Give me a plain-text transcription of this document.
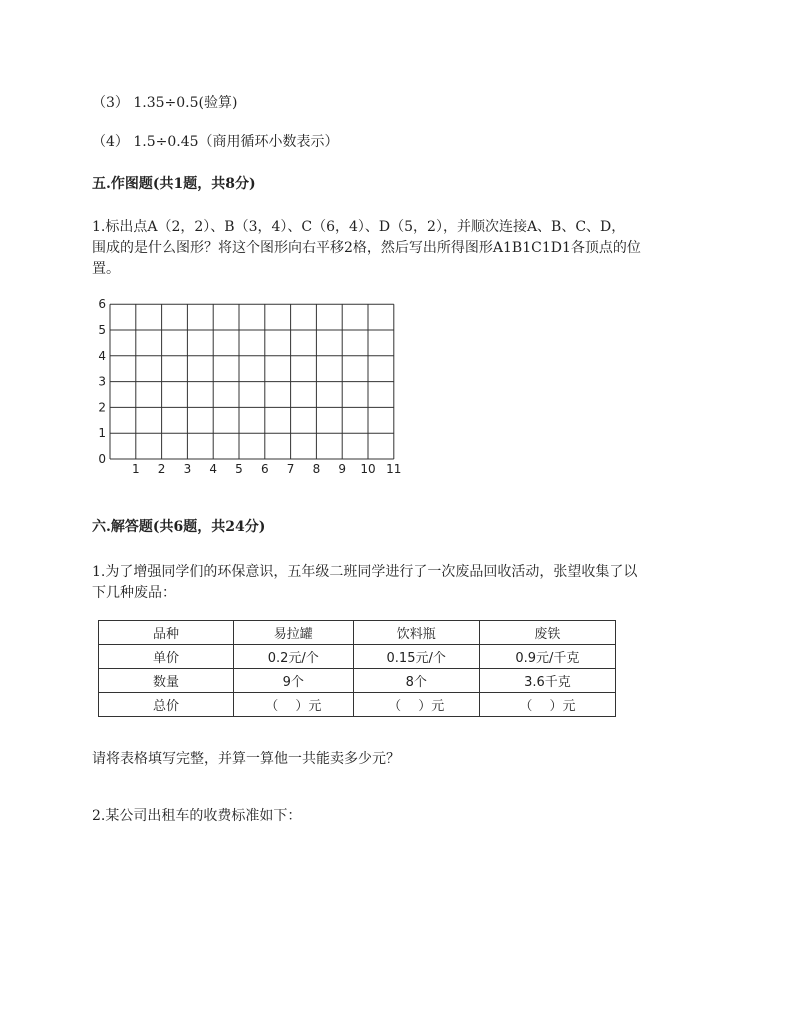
（3） 1.35÷0.5(验算)
（4） 1.5÷0.45（商用循环小数表示）
五.作图题(共1题，共8分)
1.标出点A（2，2）、B（3，4）、C（6，4）、D（5，2），并顺次连接A、B、C、D，
围成的是什么图形？将这个图形向右平移2格，然后写出所得图形A1B1C1D1各顶点的位
置。
1 2 3 4 5 6 7 8 9 10 11
0
1
2
3
4
5
6
六.解答题(共6题，共24分)
1.为了增强同学们的环保意识，五年级二班同学进行了一次废品回收活动，张望收集了以
下几种废品：
品种	易拉罐	饮料瓶	废铁
单价	0.2元/个	0.15元/个	0.9元/千克
数量	9个	8个	3.6千克
总价	（　 ）元	（　 ）元	（　 ）元
请将表格填写完整，并算一算他一共能卖多少元？
2.某公司出租车的收费标准如下：
